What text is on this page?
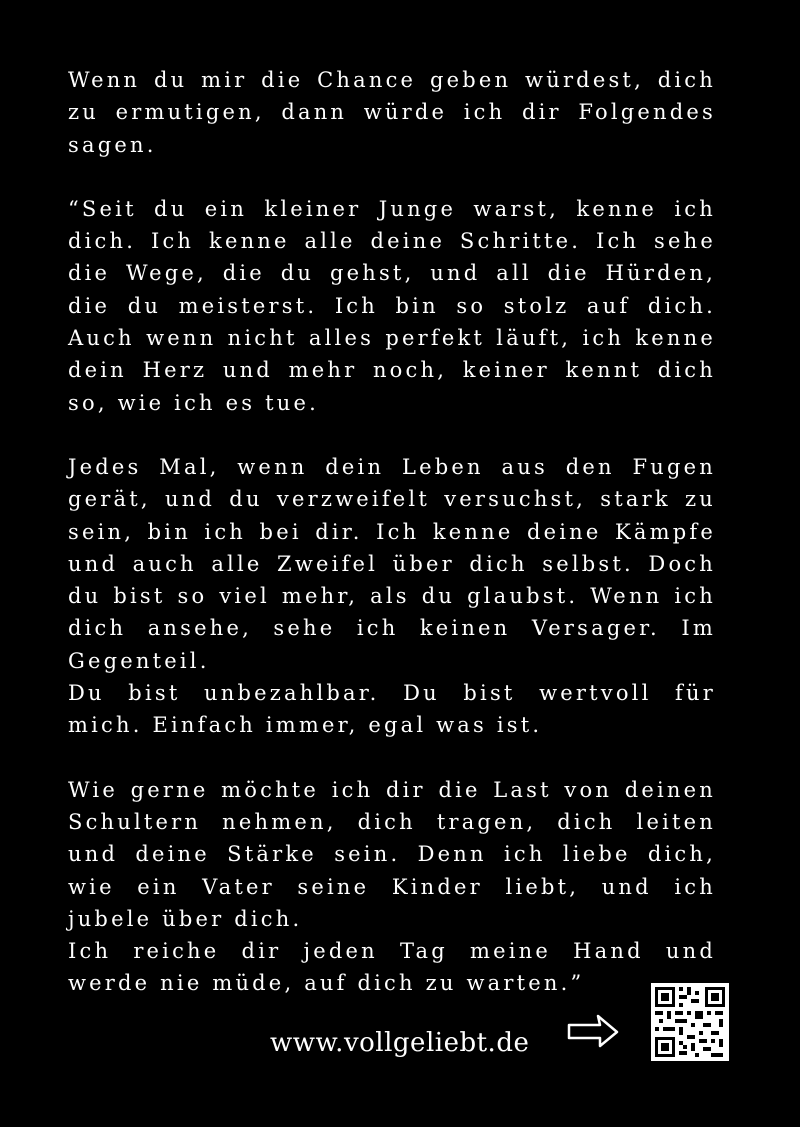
Wenn du mir die Chance geben würdest, dich zu ermutigen, dann würde ich dir Folgendes sagen.
“Seit du ein kleiner Junge warst, kenne ich dich. Ich kenne alle deine Schritte. Ich sehe die Wege, die du gehst, und all die Hürden, die du meisterst. Ich bin so stolz auf dich. Auch wenn nicht alles perfekt läuft, ich kenne dein Herz und mehr noch, keiner kennt dich so, wie ich es tue.
Jedes Mal, wenn dein Leben aus den Fugen gerät, und du verzweifelt versuchst, stark zu sein, bin ich bei dir. Ich kenne deine Kämpfe und auch alle Zweifel über dich selbst. Doch du bist so viel mehr, als du glaubst. Wenn ich dich ansehe, sehe ich keinen Versager. Im Gegenteil.
Du bist unbezahlbar. Du bist wertvoll für mich. Einfach immer, egal was ist.
Wie gerne möchte ich dir die Last von deinen Schultern nehmen, dich tragen, dich leiten und deine Stärke sein. Denn ich liebe dich, wie ein Vater seine Kinder liebt, und ich jubele über dich.
Ich reiche dir jeden Tag meine Hand und werde nie müde, auf dich zu warten.”
www.vollgeliebt.de
